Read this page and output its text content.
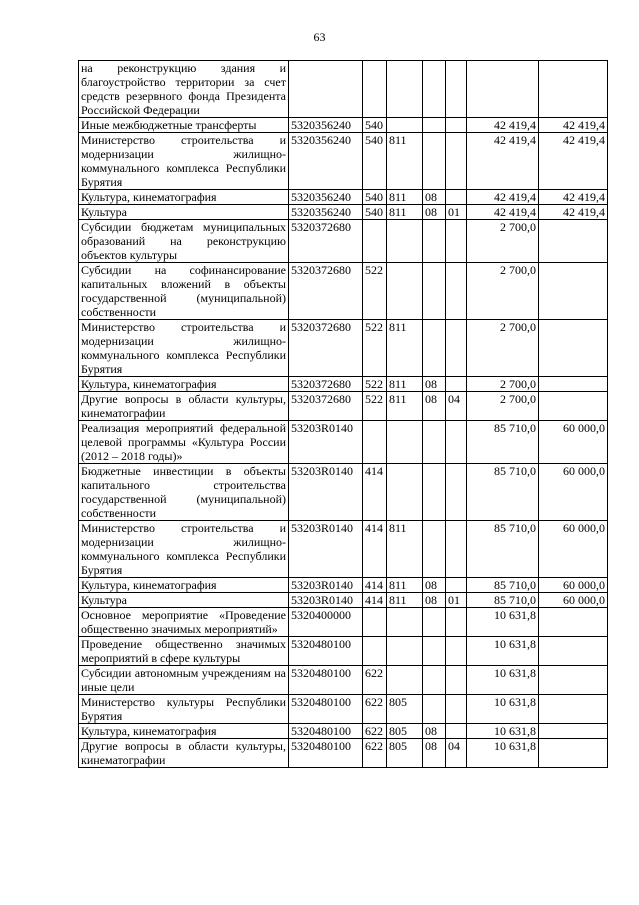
63
на реконструкцию здания и благоустройство территории за счет средств резервного фонда Президента Российской Федерации							
Иные межбюджетные трансферты	5320356240	540				42 419,4	42 419,4
Министерство строительства и модернизации жилищно-коммунального комплекса Республики Бурятия	5320356240	540	811			42 419,4	42 419,4
Культура, кинематография	5320356240	540	811	08		42 419,4	42 419,4
Культура	5320356240	540	811	08	01	42 419,4	42 419,4
Субсидии бюджетам муниципальных образований на реконструкцию объектов культуры	5320372680					2 700,0	
Субсидии на софинансирование капитальных вложений в объекты государственной (муниципальной) собственности	5320372680	522				2 700,0	
Министерство строительства и модернизации жилищно-коммунального комплекса Республики Бурятия	5320372680	522	811			2 700,0	
Культура, кинематография	5320372680	522	811	08		2 700,0	
Другие вопросы в области культуры, кинематографии	5320372680	522	811	08	04	2 700,0	
Реализация мероприятий федеральной целевой программы «Культура России (2012 – 2018 годы)»	53203R0140					85 710,0	60 000,0
Бюджетные инвестиции в объекты капитального строительства государственной (муниципальной) собственности	53203R0140	414				85 710,0	60 000,0
Министерство строительства и модернизации жилищно-коммунального комплекса Республики Бурятия	53203R0140	414	811			85 710,0	60 000,0
Культура, кинематография	53203R0140	414	811	08		85 710,0	60 000,0
Культура	53203R0140	414	811	08	01	85 710,0	60 000,0
Основное мероприятие «Проведение общественно значимых мероприятий»	5320400000					10 631,8	
Проведение общественно значимых мероприятий в сфере культуры	5320480100					10 631,8	
Субсидии автономным учреждениям на иные цели	5320480100	622				10 631,8	
Министерство культуры Республики Бурятия	5320480100	622	805			10 631,8	
Культура, кинематография	5320480100	622	805	08		10 631,8	
Другие вопросы в области культуры, кинематографии	5320480100	622	805	08	04	10 631,8	
